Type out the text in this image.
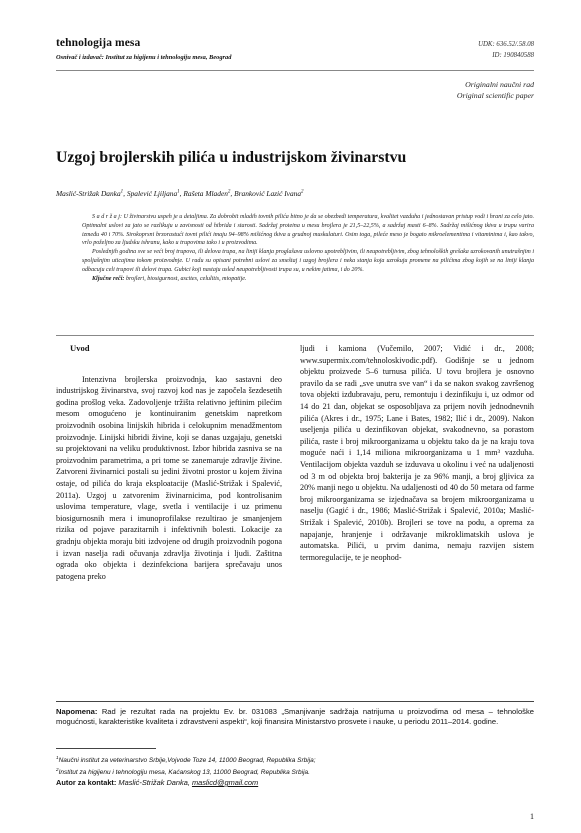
tehnologija mesa
Osnivač i izdavač: Institut za higijenu i tehnologiju mesa, Beograd
UDK: 636.52/.58.08
ID: 190840588
Originalni naučni rad
Original scientific paper
Uzgoj brojlerskih pilića u industrijskom živinarstvu
Maslić-Strižak Danka$^1$, Spalević Ljiljana$^1$, Rašeta Mladen$^2$, Branković Lazić Ivana$^2$

S a d r ž a j: U živinarstvu uspeh je u detaljima. Za dobrobit mladih tovnih pilića bitno je da se obezbedi temperatura, kvalitet vazduha i jednostavan pristup vodi i hrani za celo jato. Optimalni uslovi za jato se razlikuju u zavisnosti od hibrida i starosti. Sadržaj proteina u mesu brojlera je 21,5–22,5%, a sadržaj masti 6–8%. Sadržaj mišićnog tkiva u trupu varira između 40 i 70%. Sirokoprsni brzorastući tovni pilići imaju 94–98% mišićnog tkiva u grudnoj muskulaturi. Osim toga, pileće meso je bogato mikroelementima i vitaminima i, kao takvo, vrlo poželjno za ljudsku ishranu, kako u trupovima tako i u proizvodima.

Poslednjih godina sve se veći broj trupova, ili delova trupa, na liniji klanja proglašava uslovno upotrebljivim, ili neupotrebljivim, zbog tehnoloških grešaka uzrokovanih unutrašnjim i spoljašnjim uticajima tokom proizvodnje. U radu su opisani potrebni uslovi za smeštaj i uzgoj brojlera i neka stanja koja uzrokuju promene na pilićima zbog kojih se na liniji klanja odbacuju celi trupovi ili delovi trupa. Gubici koji nastaju usled neupotrebljivosti trupa su, u nekim jatima, i do 20%.

Ključne reči: brojleri, biosigurnost, ascites, celulitis, miopatije.

Uvod

Intenzivna brojlerska proizvodnja, kao sastavni deo industrijskog živinarstva, svoj razvoj kod nas je započela šezdesetih godina prošlog veka. Zadovoljenje tržišta relativno jeftinim pilećim mesom omogućeno je kontinuiranim genetskim napretkom proizvodnih osobina linijskih hibrida i celokupnim menadžmentom proizvodnje. Linijski hibridi živine, koji se danas uzgajaju, genetski su projektovani na veliku produktivnost. Izbor hibrida zasniva se na proizvodnim parametrima, a pri tome se zanemaruje zdravlje živine. Zatvoreni živinarnici postali su jedini životni prostor u kojem živina ostaje, od pilića do kraja eksploatacije (Maslić-Strižak i Spalević, 2011a). Uzgoj u zatvorenim živinarnicima, pod kontrolisanim uslovima temperature, vlage, svetla i ventilacije i uz primenu biosigurnosnih mera i imunoprofilakse rezultirao je smanjenjem rizika od pojave parazitarnih i infektivnih bolesti. Lokacije za gradnju objekta moraju biti izdvojene od drugih proizvodnih pogona i izvan naselja radi očuvanja zdravlja životinja i ljudi. Zaštitna ograda oko objekta i dezinfekciona barijera sprečavaju unos patogena preko

ljudi i kamiona (Vučemilo, 2007; Vidić i dr., 2008; www.supermix.com/tehnoloskivodic.pdf). Godišnje se u jednom objektu proizvede 5–6 turnusa pilića. U tovu brojlera je osnovno pravilo da se radi „sve unutra sve van“ i da se nakon svakog završenog tova objekti izđubravaju, peru, remontuju i dezinfikuju i, uz odmor od 14 do 21 dan, objekat se osposobljava za prijem novih jednodnevnih pilića (Akres i dr., 1975; Lane i Bates, 1982; Ilić i dr., 2009). Nakon useljenja pilića u dezinfikovan objekat, svakodnevno, sa porastom pilića, raste i broj mikroorganizama u objektu tako da je na kraju tova moguće naći i 1,14 miliona mikroorganizama u 1 mm³ vazduha. Ventilacijom objekta vazduh se izduvava u okolinu i već na udaljenosti od 3 m od objekta broj bakterija je za 96% manji, a broj gljivica za 20% manji nego u objektu. Na udaljenosti od 40 do 50 metara od farme broj mikroorganizama se izjednačava sa brojem mikroorganizama u naselju (Gagić i dr., 1986; Maslić-Strižak i Spalević, 2010a; Maslić-Strižak i Spalević, 2010b). Brojleri se tove na podu, a oprema za napajanje, hranjenje i održavanje mikroklimatskih uslova je automatska. Pilići, u prvim danima, nemaju razvijen sistem termoregulacije, te je neophod-

Napomena: Rad je rezultat rada na projektu Ev. br. 031083 „Smanjivanje sadržaja natrijuma u proizvodima od mesa – tehnološke mogućnosti, karakteristike kvaliteta i zdravstveni aspekti“, koji finansira Ministarstvo prosvete i nauke, u periodu 2011–2014. godine.
$^1$Naučni institut za veterinarstvo Srbije,Vojvode Toze 14, 11000 Beograd, Republika Srbija;
$^2$Institut za higijenu i tehnologiju mesa, Kaćanskog 13, 11000 Beograd, Republika Srbija.
Autor za kontakt: Maslić-Strižak Danka, maslicd@gmail.com
1
